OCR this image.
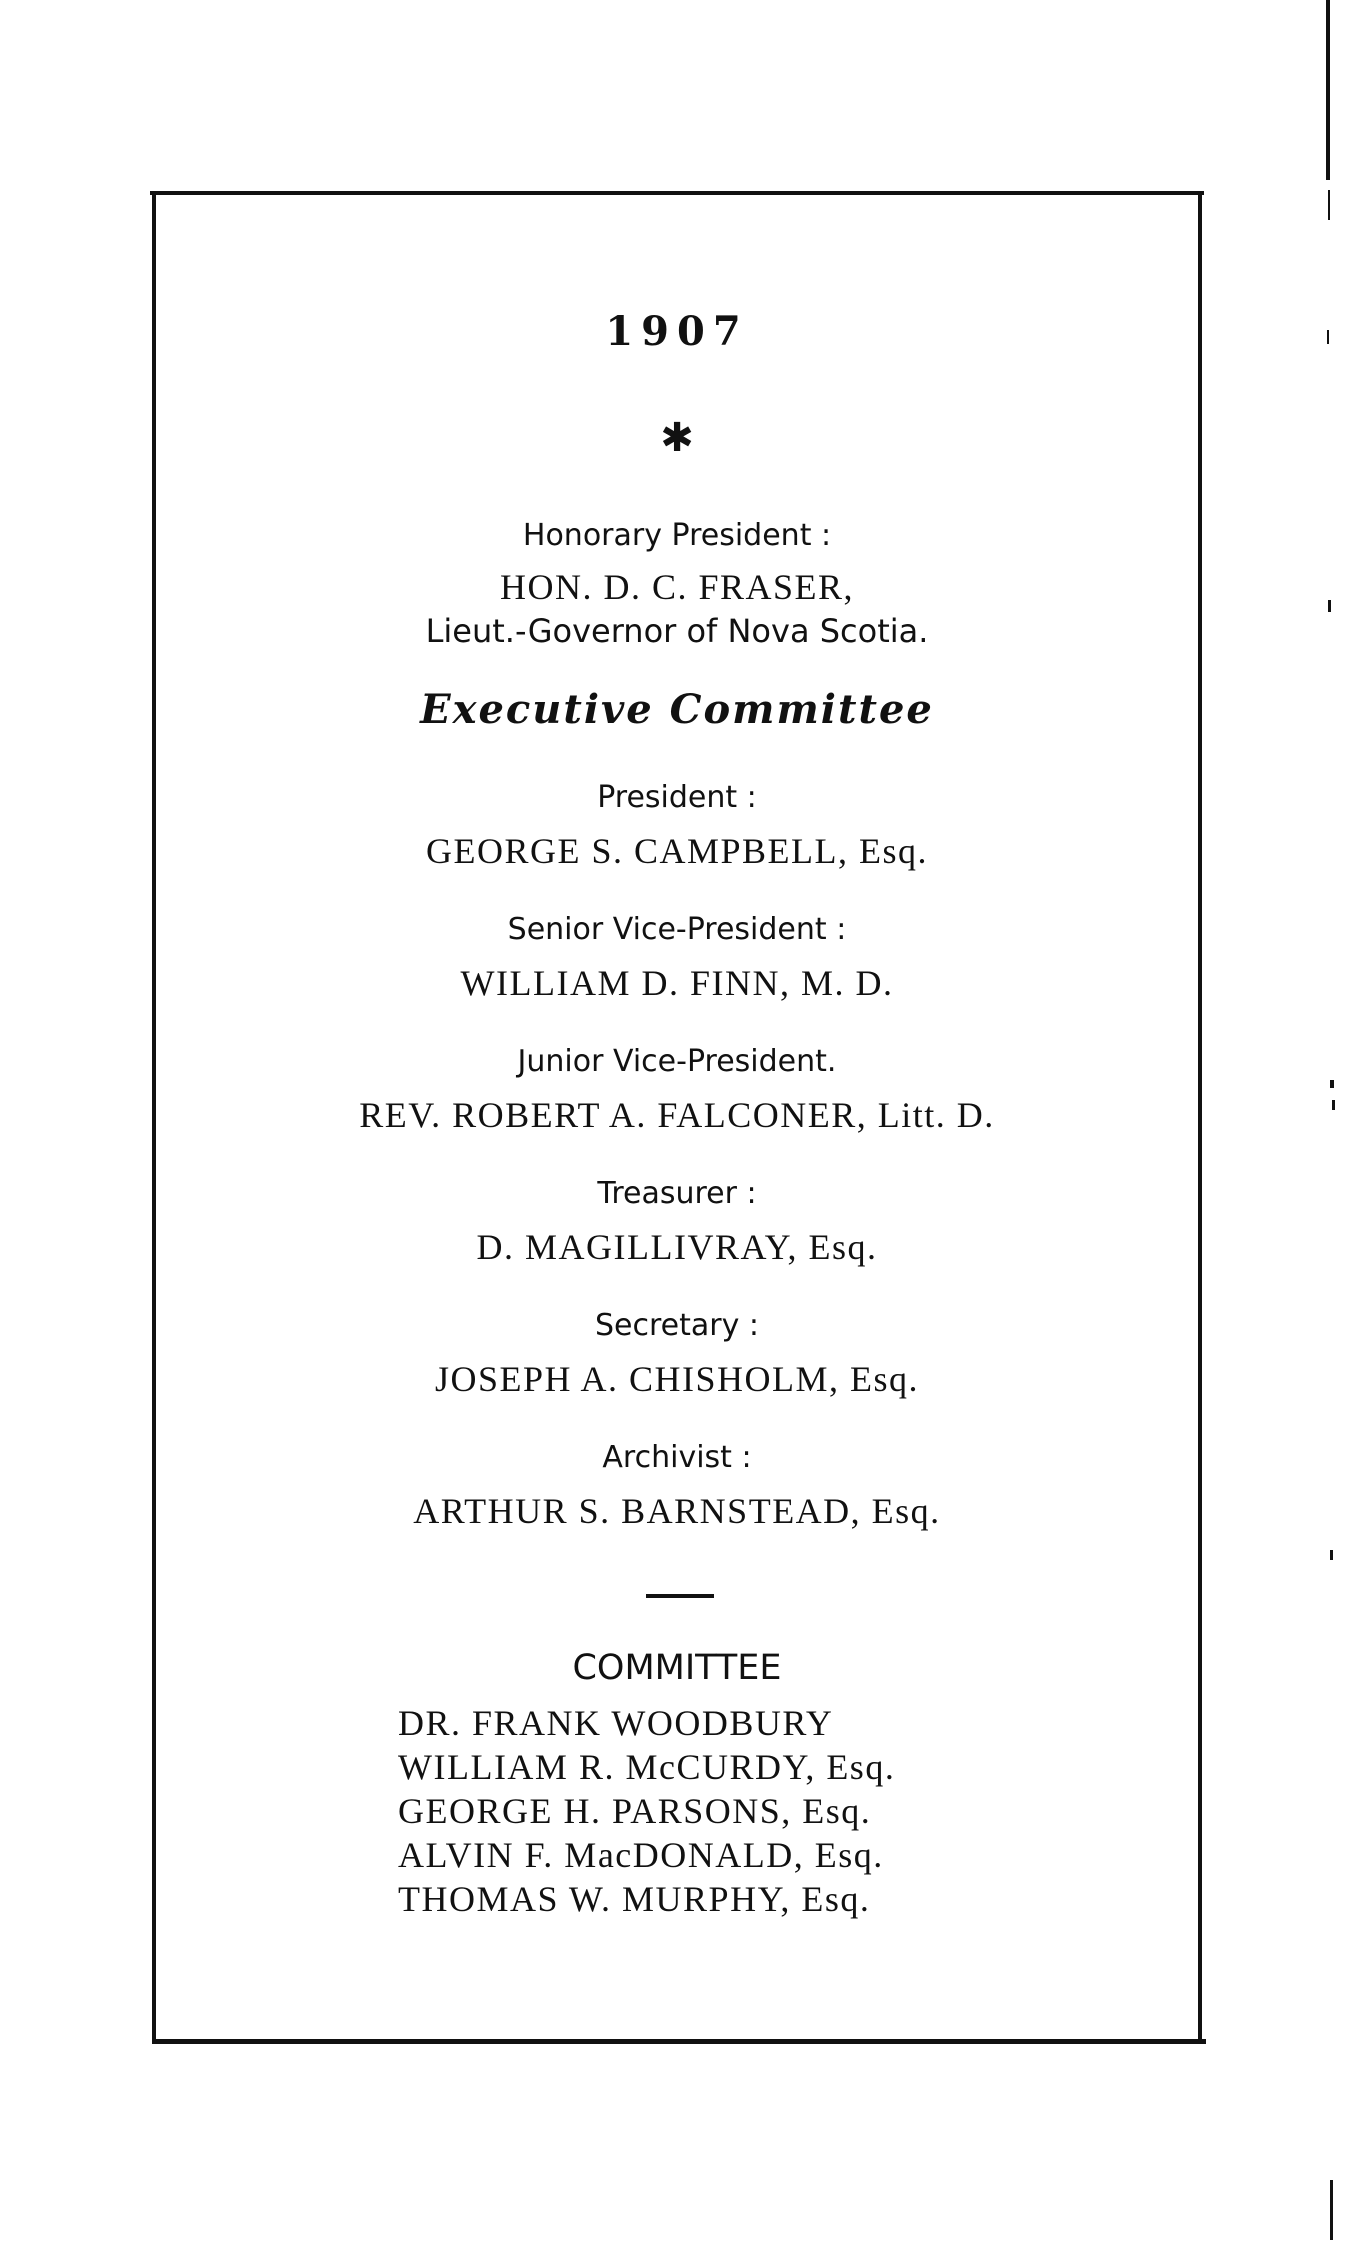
1907
✱
Honorary President :
HON. D. C. FRASER,
Lieut.-Governor of Nova Scotia.
Executive Committee
President :
GEORGE S. CAMPBELL, Esq.
Senior Vice-President :
WILLIAM D. FINN, M. D.
Junior Vice-President.
REV. ROBERT A. FALCONER, Litt. D.
Treasurer :
D. MAGILLIVRAY, Esq.
Secretary :
JOSEPH A. CHISHOLM, Esq.
Archivist :
ARTHUR S. BARNSTEAD, Esq.
COMMITTEE
DR. FRANK WOODBURY
WILLIAM R. McCURDY, Esq.
GEORGE H. PARSONS, Esq.
ALVIN F. MacDONALD, Esq.
THOMAS W. MURPHY, Esq.
